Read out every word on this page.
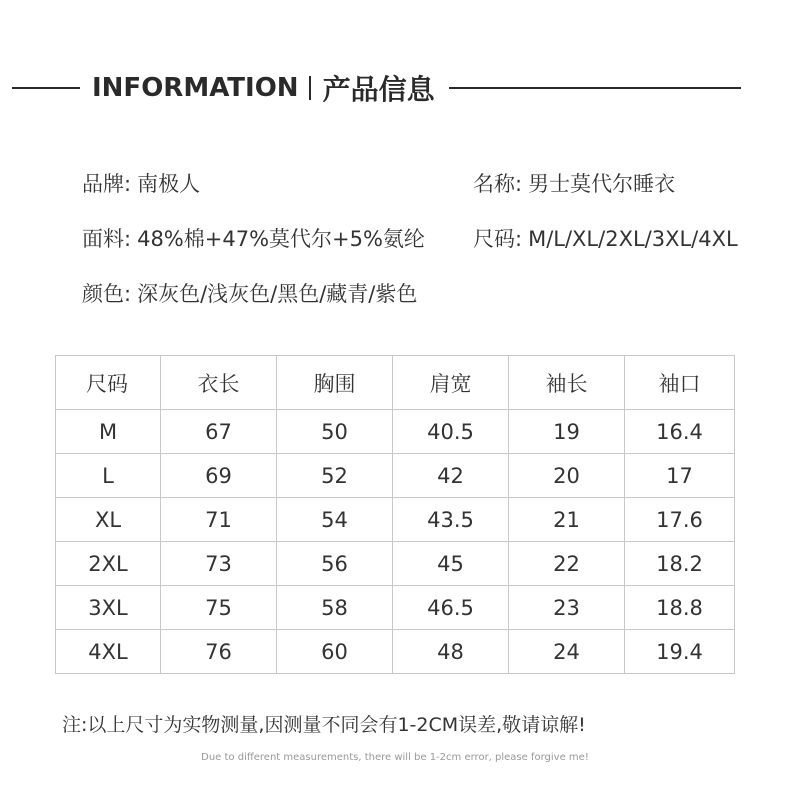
INFORMATION 产品信息
品牌: 南极人	名称: 男士莫代尔睡衣
面料: 48%棉+47%莫代尔+5%氨纶 尺码: M/L/XL/2XL/3XL/4XL
颜色: 深灰色/浅灰色/黑色/藏青/紫色
尺码	衣长	胸围	肩宽	袖长	袖口
M	67	50	40.5	19	16.4
L	69	52	42	20	17
XL	71	54	43.5	21	17.6
2XL	73	56	45	22	18.2
3XL	75	58	46.5	23	18.8
4XL	76	60	48	24	19.4
注:以上尺寸为实物测量,因测量不同会有1-2CM误差,敬请谅解!
Due to different measurements, there will be 1-2cm error, please forgive me!
